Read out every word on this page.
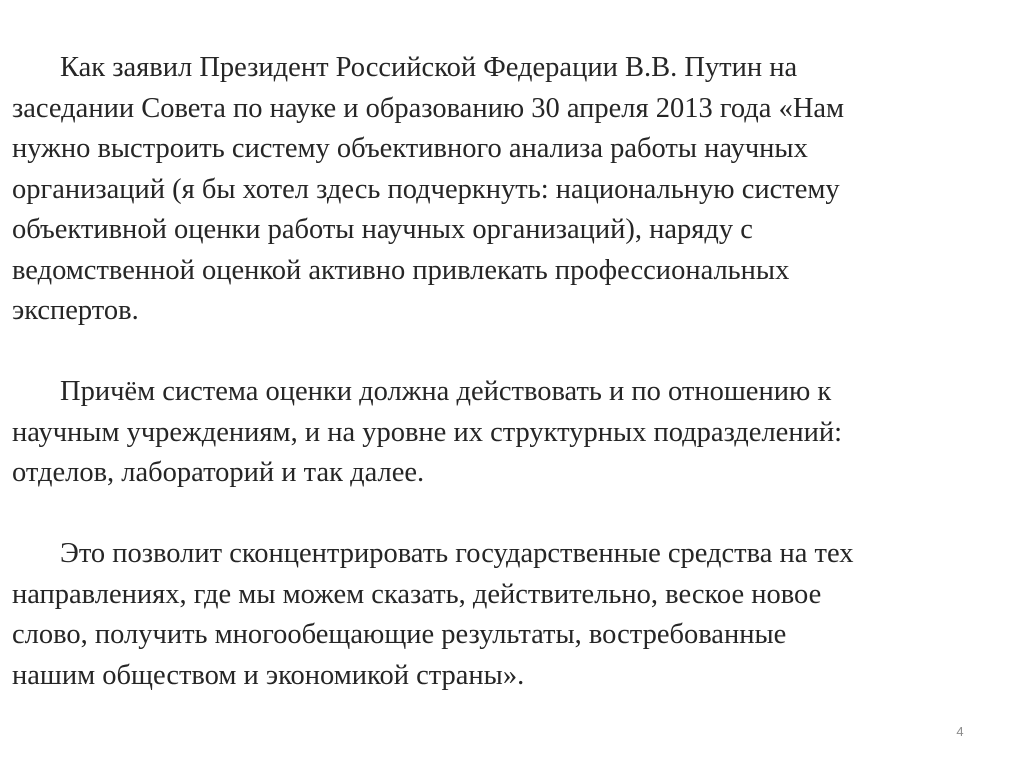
Как заявил Президент Российской Федерации В.В. Путин на
заседании Совета по науке и образованию 30 апреля 2013 года «Нам
нужно выстроить систему объективного анализа работы научных
организаций (я бы хотел здесь подчеркнуть: национальную систему
объективной оценки работы научных организаций), наряду с
ведомственной оценкой активно привлекать профессиональных
экспертов.
Причём система оценки должна действовать и по отношению к
научным учреждениям, и на уровне их структурных подразделений:
отделов, лабораторий и так далее.
Это позволит сконцентрировать государственные средства на тех
направлениях, где мы можем сказать, действительно, веское новое
слово, получить многообещающие результаты, востребованные
нашим обществом и экономикой страны».
4
